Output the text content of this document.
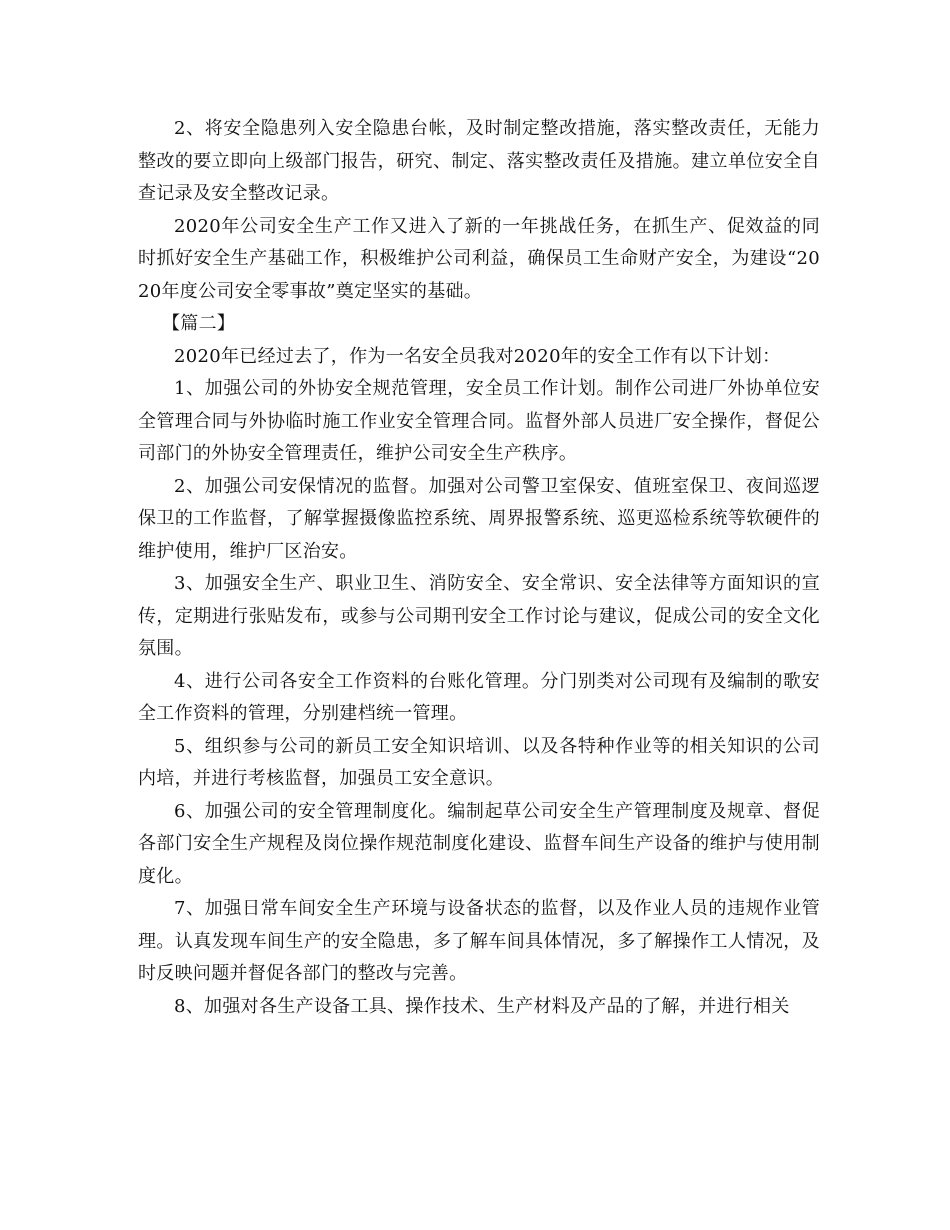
2、将安全隐患列入安全隐患台帐，及时制定整改措施，落实整改责任，无能力整改的要立即向上级部门报告，研究、制定、落实整改责任及措施。建立单位安全自查记录及安全整改记录。

2020年公司安全生产工作又进入了新的一年挑战任务，在抓生产、促效益的同时抓好安全生产基础工作，积极维护公司利益，确保员工生命财产安全，为建设“2020年度公司安全零事故”奠定坚实的基础。

【篇二】

2020年已经过去了，作为一名安全员我对2020年的安全工作有以下计划：

1、加强公司的外协安全规范管理，安全员工作计划。制作公司进厂外协单位安全管理合同与外协临时施工作业安全管理合同。监督外部人员进厂安全操作，督促公司部门的外协安全管理责任，维护公司安全生产秩序。

2、加强公司安保情况的监督。加强对公司警卫室保安、值班室保卫、夜间巡逻保卫的工作监督，了解掌握摄像监控系统、周界报警系统、巡更巡检系统等软硬件的维护使用，维护厂区治安。

3、加强安全生产、职业卫生、消防安全、安全常识、安全法律等方面知识的宣传，定期进行张贴发布，或参与公司期刊安全工作讨论与建议，促成公司的安全文化氛围。

4、进行公司各安全工作资料的台账化管理。分门别类对公司现有及编制的歌安全工作资料的管理，分别建档统一管理。

5、组织参与公司的新员工安全知识培训、以及各特种作业等的相关知识的公司内培，并进行考核监督，加强员工安全意识。

6、加强公司的安全管理制度化。编制起草公司安全生产管理制度及规章、督促各部门安全生产规程及岗位操作规范制度化建设、监督车间生产设备的维护与使用制度化。

7、加强日常车间安全生产环境与设备状态的监督，以及作业人员的违规作业管理。认真发现车间生产的安全隐患，多了解车间具体情况，多了解操作工人情况，及时反映问题并督促各部门的整改与完善。

8、加强对各生产设备工具、操作技术、生产材料及产品的了解，并进行相关
